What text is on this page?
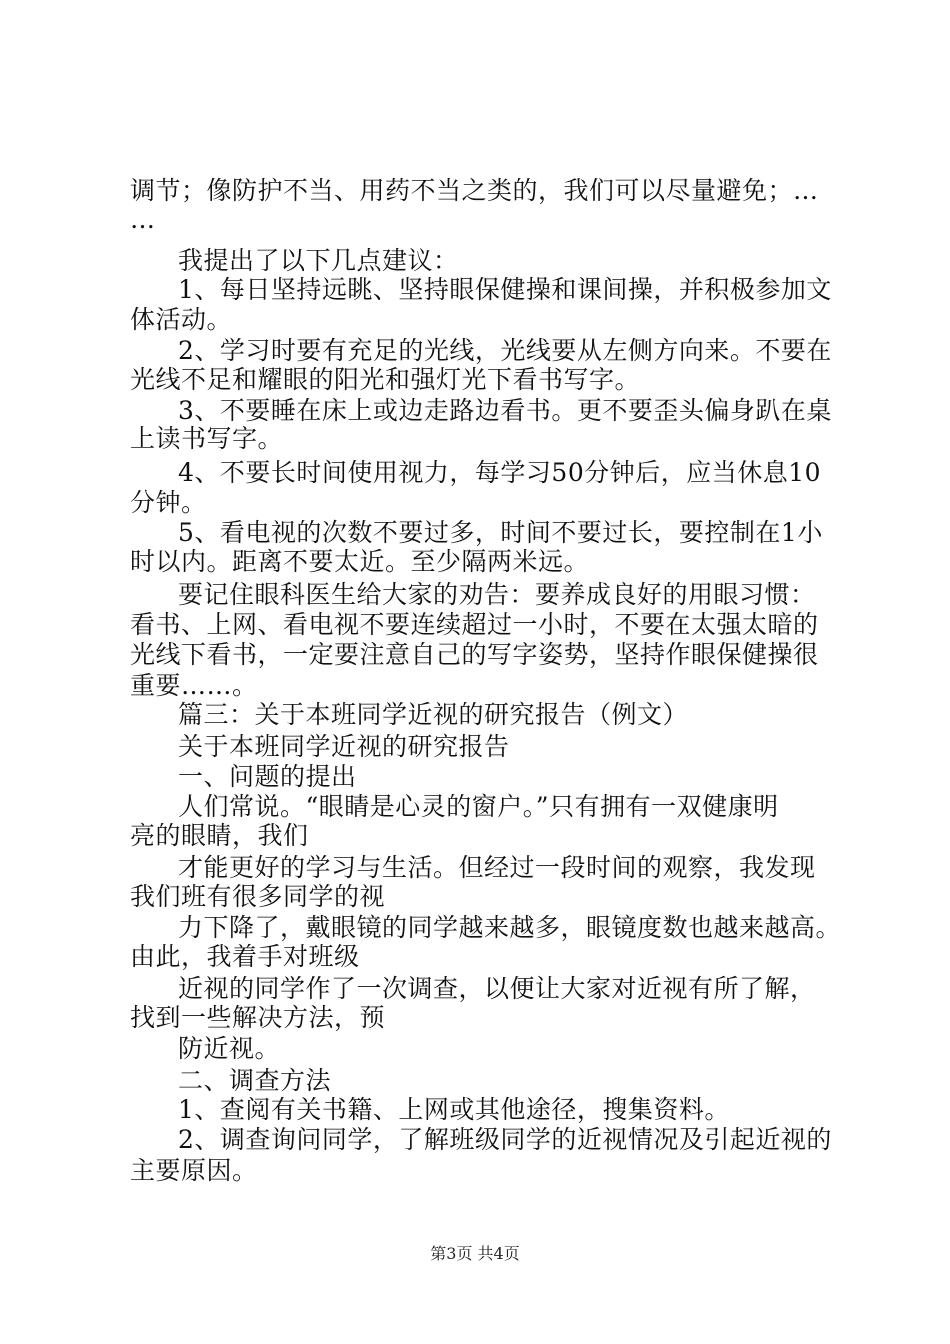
调节；像防护不当、用药不当之类的，我们可以尽量避免；…
…
我提出了以下几点建议：
1、每日坚持远眺、坚持眼保健操和课间操，并积极参加文
体活动。
2、学习时要有充足的光线，光线要从左侧方向来。不要在
光线不足和耀眼的阳光和强灯光下看书写字。
3、不要睡在床上或边走路边看书。更不要歪头偏身趴在桌
上读书写字。
4、不要长时间使用视力，每学习50分钟后，应当休息10
分钟。
5、看电视的次数不要过多，时间不要过长，要控制在1小
时以内。距离不要太近。至少隔两米远。
要记住眼科医生给大家的劝告：要养成良好的用眼习惯：
看书、上网、看电视不要连续超过一小时，不要在太强太暗的
光线下看书，一定要注意自己的写字姿势，坚持作眼保健操很
重要……。
篇三：关于本班同学近视的研究报告（例文）
关于本班同学近视的研究报告
一、问题的提出
人们常说。“眼睛是心灵的窗户。”只有拥有一双健康明
亮的眼睛，我们
才能更好的学习与生活。但经过一段时间的观察，我发现
我们班有很多同学的视
力下降了，戴眼镜的同学越来越多，眼镜度数也越来越高。
由此，我着手对班级
近视的同学作了一次调查，以便让大家对近视有所了解，
找到一些解决方法，预
防近视。
二、调查方法
1、查阅有关书籍、上网或其他途径，搜集资料。
2、调查询问同学，了解班级同学的近视情况及引起近视的
主要原因。
第3页 共4页
